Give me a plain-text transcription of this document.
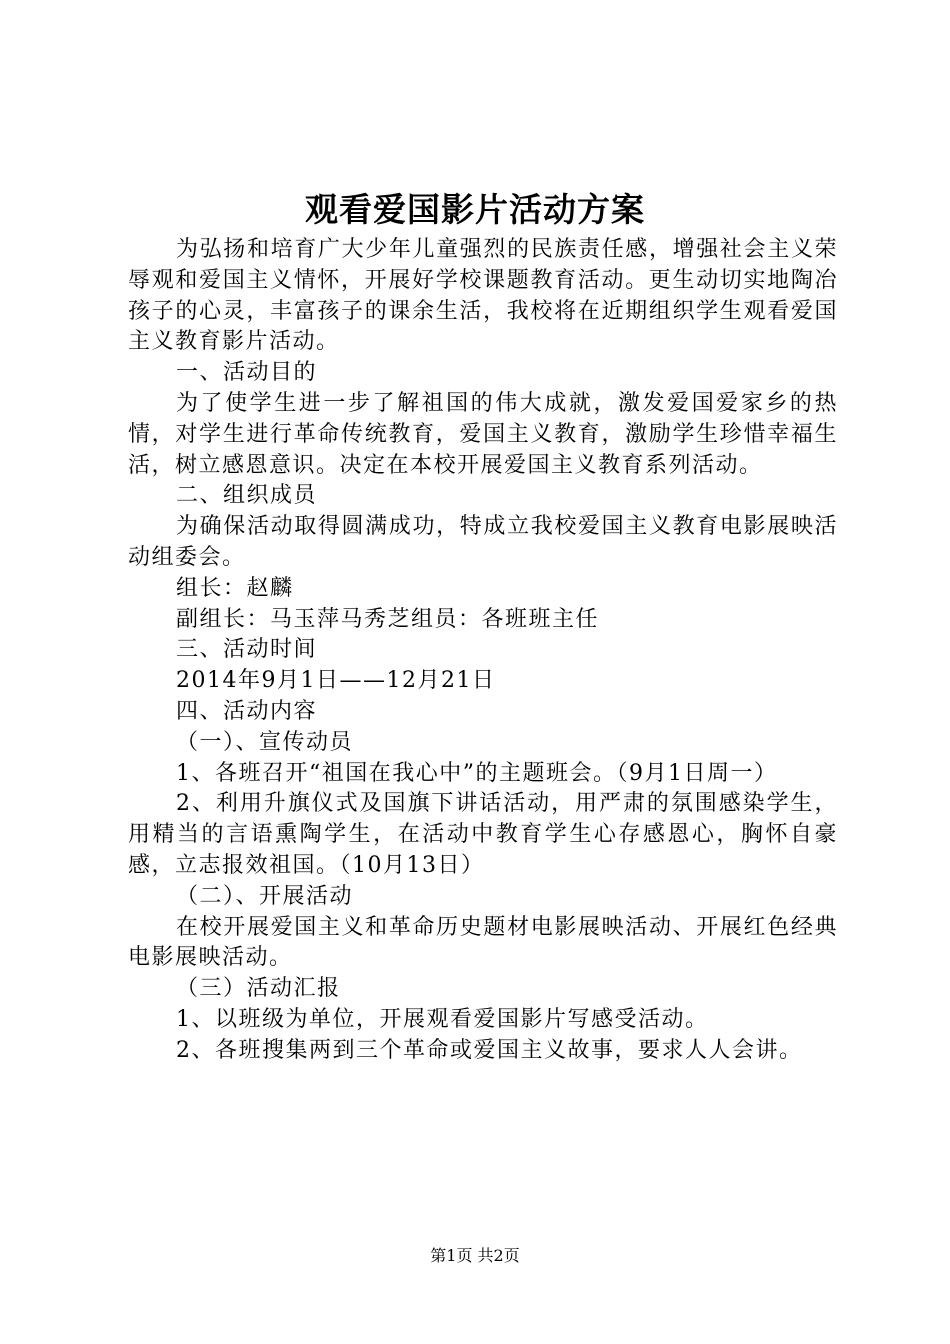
观看爱国影片活动方案

为弘扬和培育广大少年儿童强烈的民族责任感，增强社会主义荣辱观和爱国主义情怀，开展好学校课题教育活动。更生动切实地陶冶孩子的心灵，丰富孩子的课余生活，我校将在近期组织学生观看爱国主义教育影片活动。

一、活动目的

为了使学生进一步了解祖国的伟大成就，激发爱国爱家乡的热情，对学生进行革命传统教育，爱国主义教育，激励学生珍惜幸福生活，树立感恩意识。决定在本校开展爱国主义教育系列活动。

二、组织成员

为确保活动取得圆满成功，特成立我校爱国主义教育电影展映活动组委会。

组长：赵麟

副组长：马玉萍马秀芝组员：各班班主任

三、活动时间

2014年9月1日——12月21日

四、活动内容

（一）、宣传动员

1、各班召开“祖国在我心中”的主题班会。（9月1日周一）

2、利用升旗仪式及国旗下讲话活动，用严肃的氛围感染学生，用精当的言语熏陶学生，在活动中教育学生心存感恩心，胸怀自豪感，立志报效祖国。（10月13日）

（二）、开展活动

在校开展爱国主义和革命历史题材电影展映活动、开展红色经典电影展映活动。

（三）活动汇报

1、以班级为单位，开展观看爱国影片写感受活动。

2、各班搜集两到三个革命或爱国主义故事，要求人人会讲。

第1页 共2页
